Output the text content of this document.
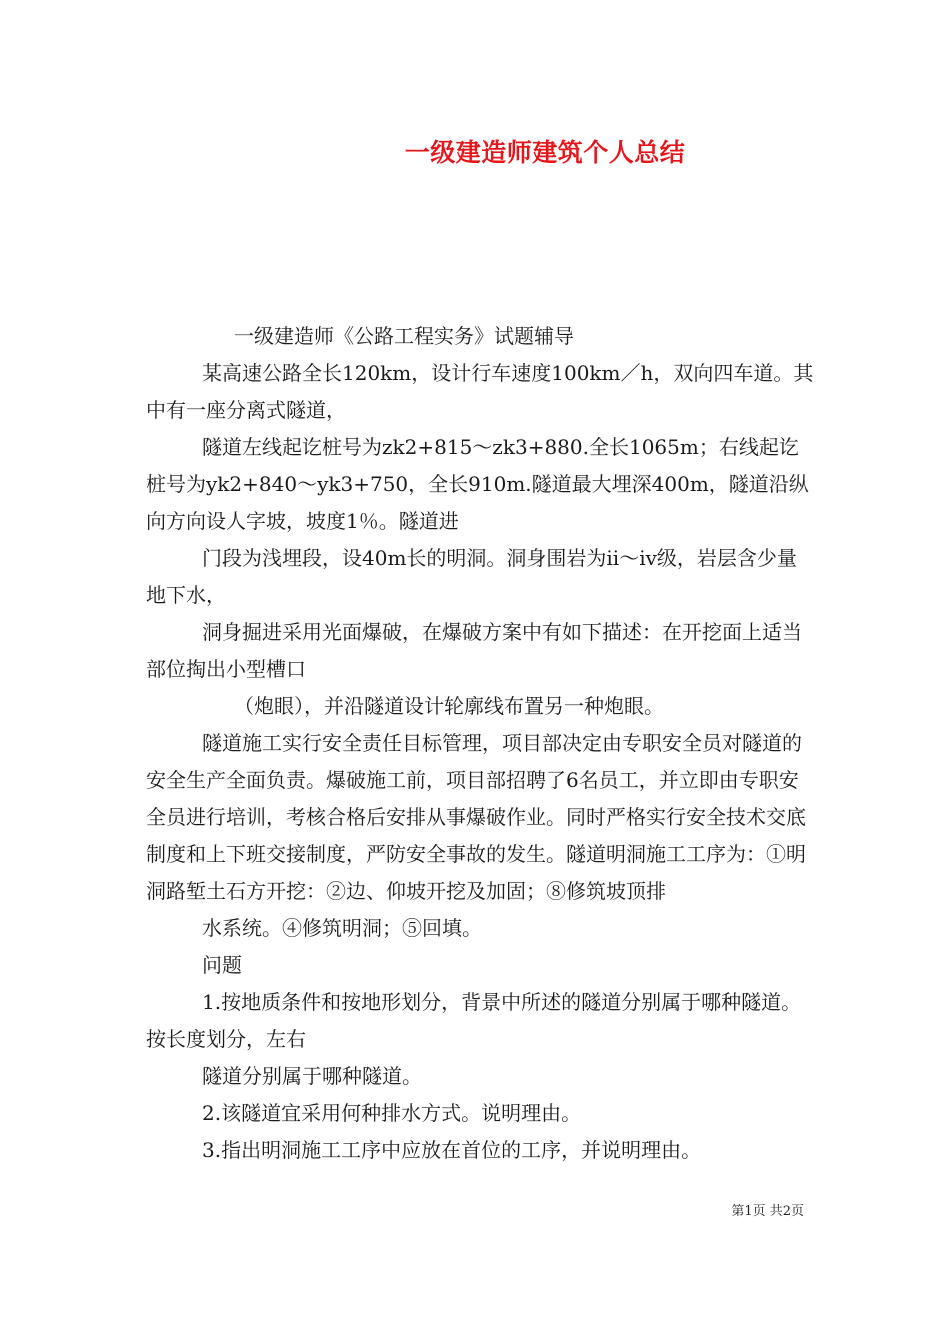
一级建造师建筑个人总结

一级建造师《公路工程实务》试题辅导

某高速公路全长120km，设计行车速度100km／h，双向四车道。其中有一座分离式隧道，

隧道左线起讫桩号为zk2+815～zk3+880.全长1065m；右线起讫桩号为yk2+840～yk3+750，全长910m.隧道最大埋深400m，隧道沿纵向方向设人字坡，坡度1％。隧道进

门段为浅埋段，设40m长的明洞。洞身围岩为ii～iv级，岩层含少量地下水，

洞身掘进采用光面爆破，在爆破方案中有如下描述：在开挖面上适当部位掏出小型槽口

（炮眼），并沿隧道设计轮廓线布置另一种炮眼。

隧道施工实行安全责任目标管理，项目部决定由专职安全员对隧道的安全生产全面负责。爆破施工前，项目部招聘了6名员工，并立即由专职安全员进行培训，考核合格后安排从事爆破作业。同时严格实行安全技术交底制度和上下班交接制度，严防安全事故的发生。隧道明洞施工工序为：①明洞路堑土石方开挖：②边、仰坡开挖及加固；⑧修筑坡顶排

水系统。④修筑明洞；⑤回填。

问题

1.按地质条件和按地形划分，背景中所述的隧道分别属于哪种隧道。按长度划分，左右

隧道分别属于哪种隧道。

2.该隧道宜采用何种排水方式。说明理由。

3.指出明洞施工工序中应放在首位的工序，并说明理由。

第1页 共2页
